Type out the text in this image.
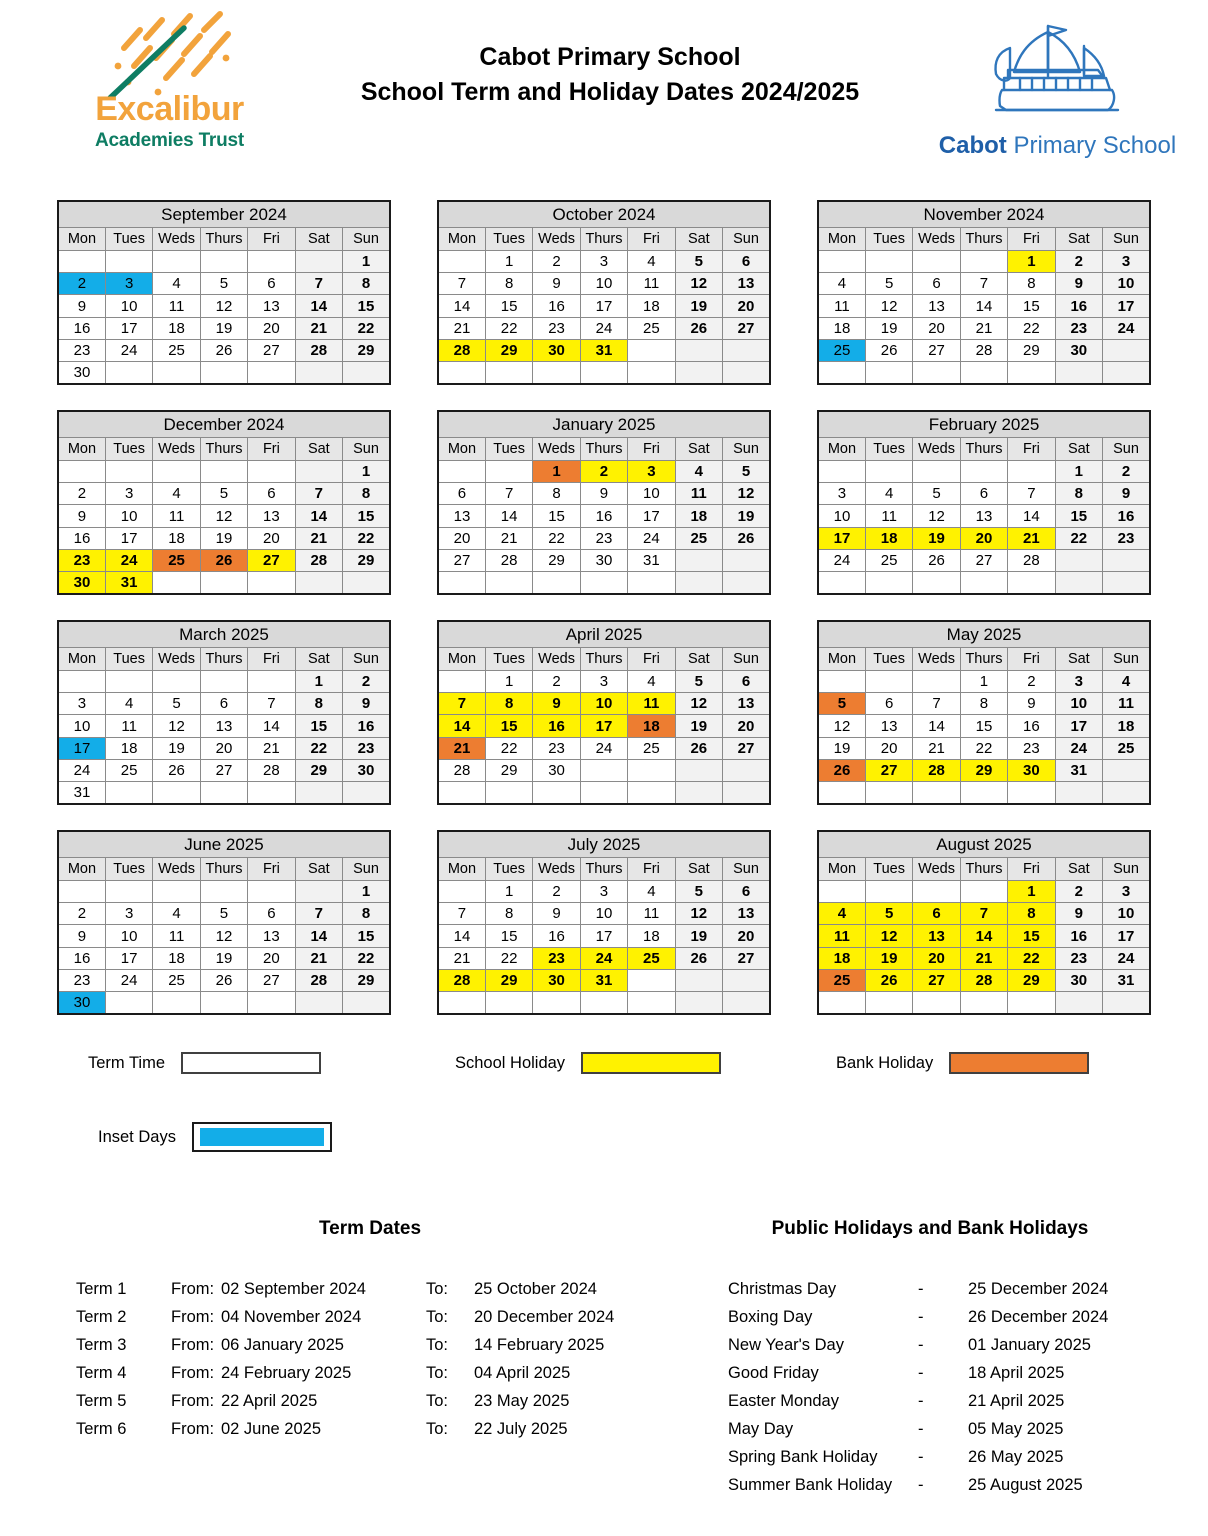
Excalibur
Academies Trust
Cabot Primary School
School Term and Holiday Dates 2024/2025
Cabot Primary School
September 2024						
Mon	Tues	Weds	Thurs	Fri	Sat	Sun
						1
2	3	4	5	6	7	8
9	10	11	12	13	14	15
16	17	18	19	20	21	22
23	24	25	26	27	28	29
30						
October 2024						
Mon	Tues	Weds	Thurs	Fri	Sat	Sun
	1	2	3	4	5	6
7	8	9	10	11	12	13
14	15	16	17	18	19	20
21	22	23	24	25	26	27
28	29	30	31			

November 2024						
Mon	Tues	Weds	Thurs	Fri	Sat	Sun
				1	2	3
4	5	6	7	8	9	10
11	12	13	14	15	16	17
18	19	20	21	22	23	24
25	26	27	28	29	30	

December 2024						
Mon	Tues	Weds	Thurs	Fri	Sat	Sun
						1
2	3	4	5	6	7	8
9	10	11	12	13	14	15
16	17	18	19	20	21	22
23	24	25	26	27	28	29
30	31					
January 2025						
Mon	Tues	Weds	Thurs	Fri	Sat	Sun
		1	2	3	4	5
6	7	8	9	10	11	12
13	14	15	16	17	18	19
20	21	22	23	24	25	26
27	28	29	30	31		

February 2025						
Mon	Tues	Weds	Thurs	Fri	Sat	Sun
					1	2
3	4	5	6	7	8	9
10	11	12	13	14	15	16
17	18	19	20	21	22	23
24	25	26	27	28		

March 2025						
Mon	Tues	Weds	Thurs	Fri	Sat	Sun
					1	2
3	4	5	6	7	8	9
10	11	12	13	14	15	16
17	18	19	20	21	22	23
24	25	26	27	28	29	30
31						
April 2025						
Mon	Tues	Weds	Thurs	Fri	Sat	Sun
	1	2	3	4	5	6
7	8	9	10	11	12	13
14	15	16	17	18	19	20
21	22	23	24	25	26	27
28	29	30				

May 2025						
Mon	Tues	Weds	Thurs	Fri	Sat	Sun
			1	2	3	4
5	6	7	8	9	10	11
12	13	14	15	16	17	18
19	20	21	22	23	24	25
26	27	28	29	30	31	

June 2025						
Mon	Tues	Weds	Thurs	Fri	Sat	Sun
						1
2	3	4	5	6	7	8
9	10	11	12	13	14	15
16	17	18	19	20	21	22
23	24	25	26	27	28	29
30						
July 2025						
Mon	Tues	Weds	Thurs	Fri	Sat	Sun
	1	2	3	4	5	6
7	8	9	10	11	12	13
14	15	16	17	18	19	20
21	22	23	24	25	26	27
28	29	30	31			

August 2025						
Mon	Tues	Weds	Thurs	Fri	Sat	Sun
				1	2	3
4	5	6	7	8	9	10
11	12	13	14	15	16	17
18	19	20	21	22	23	24
25	26	27	28	29	30	31

Term Time	School Holiday	Bank Holiday
Inset Days
Term Dates
Term 1	From:	02 September 2024	To:	25 October 2024
Term 2	From:	04 November 2024	To:	20 December 2024
Term 3	From:	06 January 2025	To:	14 February 2025
Term 4	From:	24 February 2025	To:	04 April 2025
Term 5	From:	22 April 2025	To:	23 May 2025
Term 6	From:	02 June 2025	To:	22 July 2025
Public Holidays and Bank Holidays
Christmas Day	-	25 December 2024
Boxing Day	-	26 December 2024
New Year's Day	-	01 January 2025
Good Friday	-	18 April 2025
Easter Monday	-	21 April 2025
May Day	-	05 May 2025
Spring Bank Holiday	-	26 May 2025
Summer Bank Holiday	-	25 August 2025
